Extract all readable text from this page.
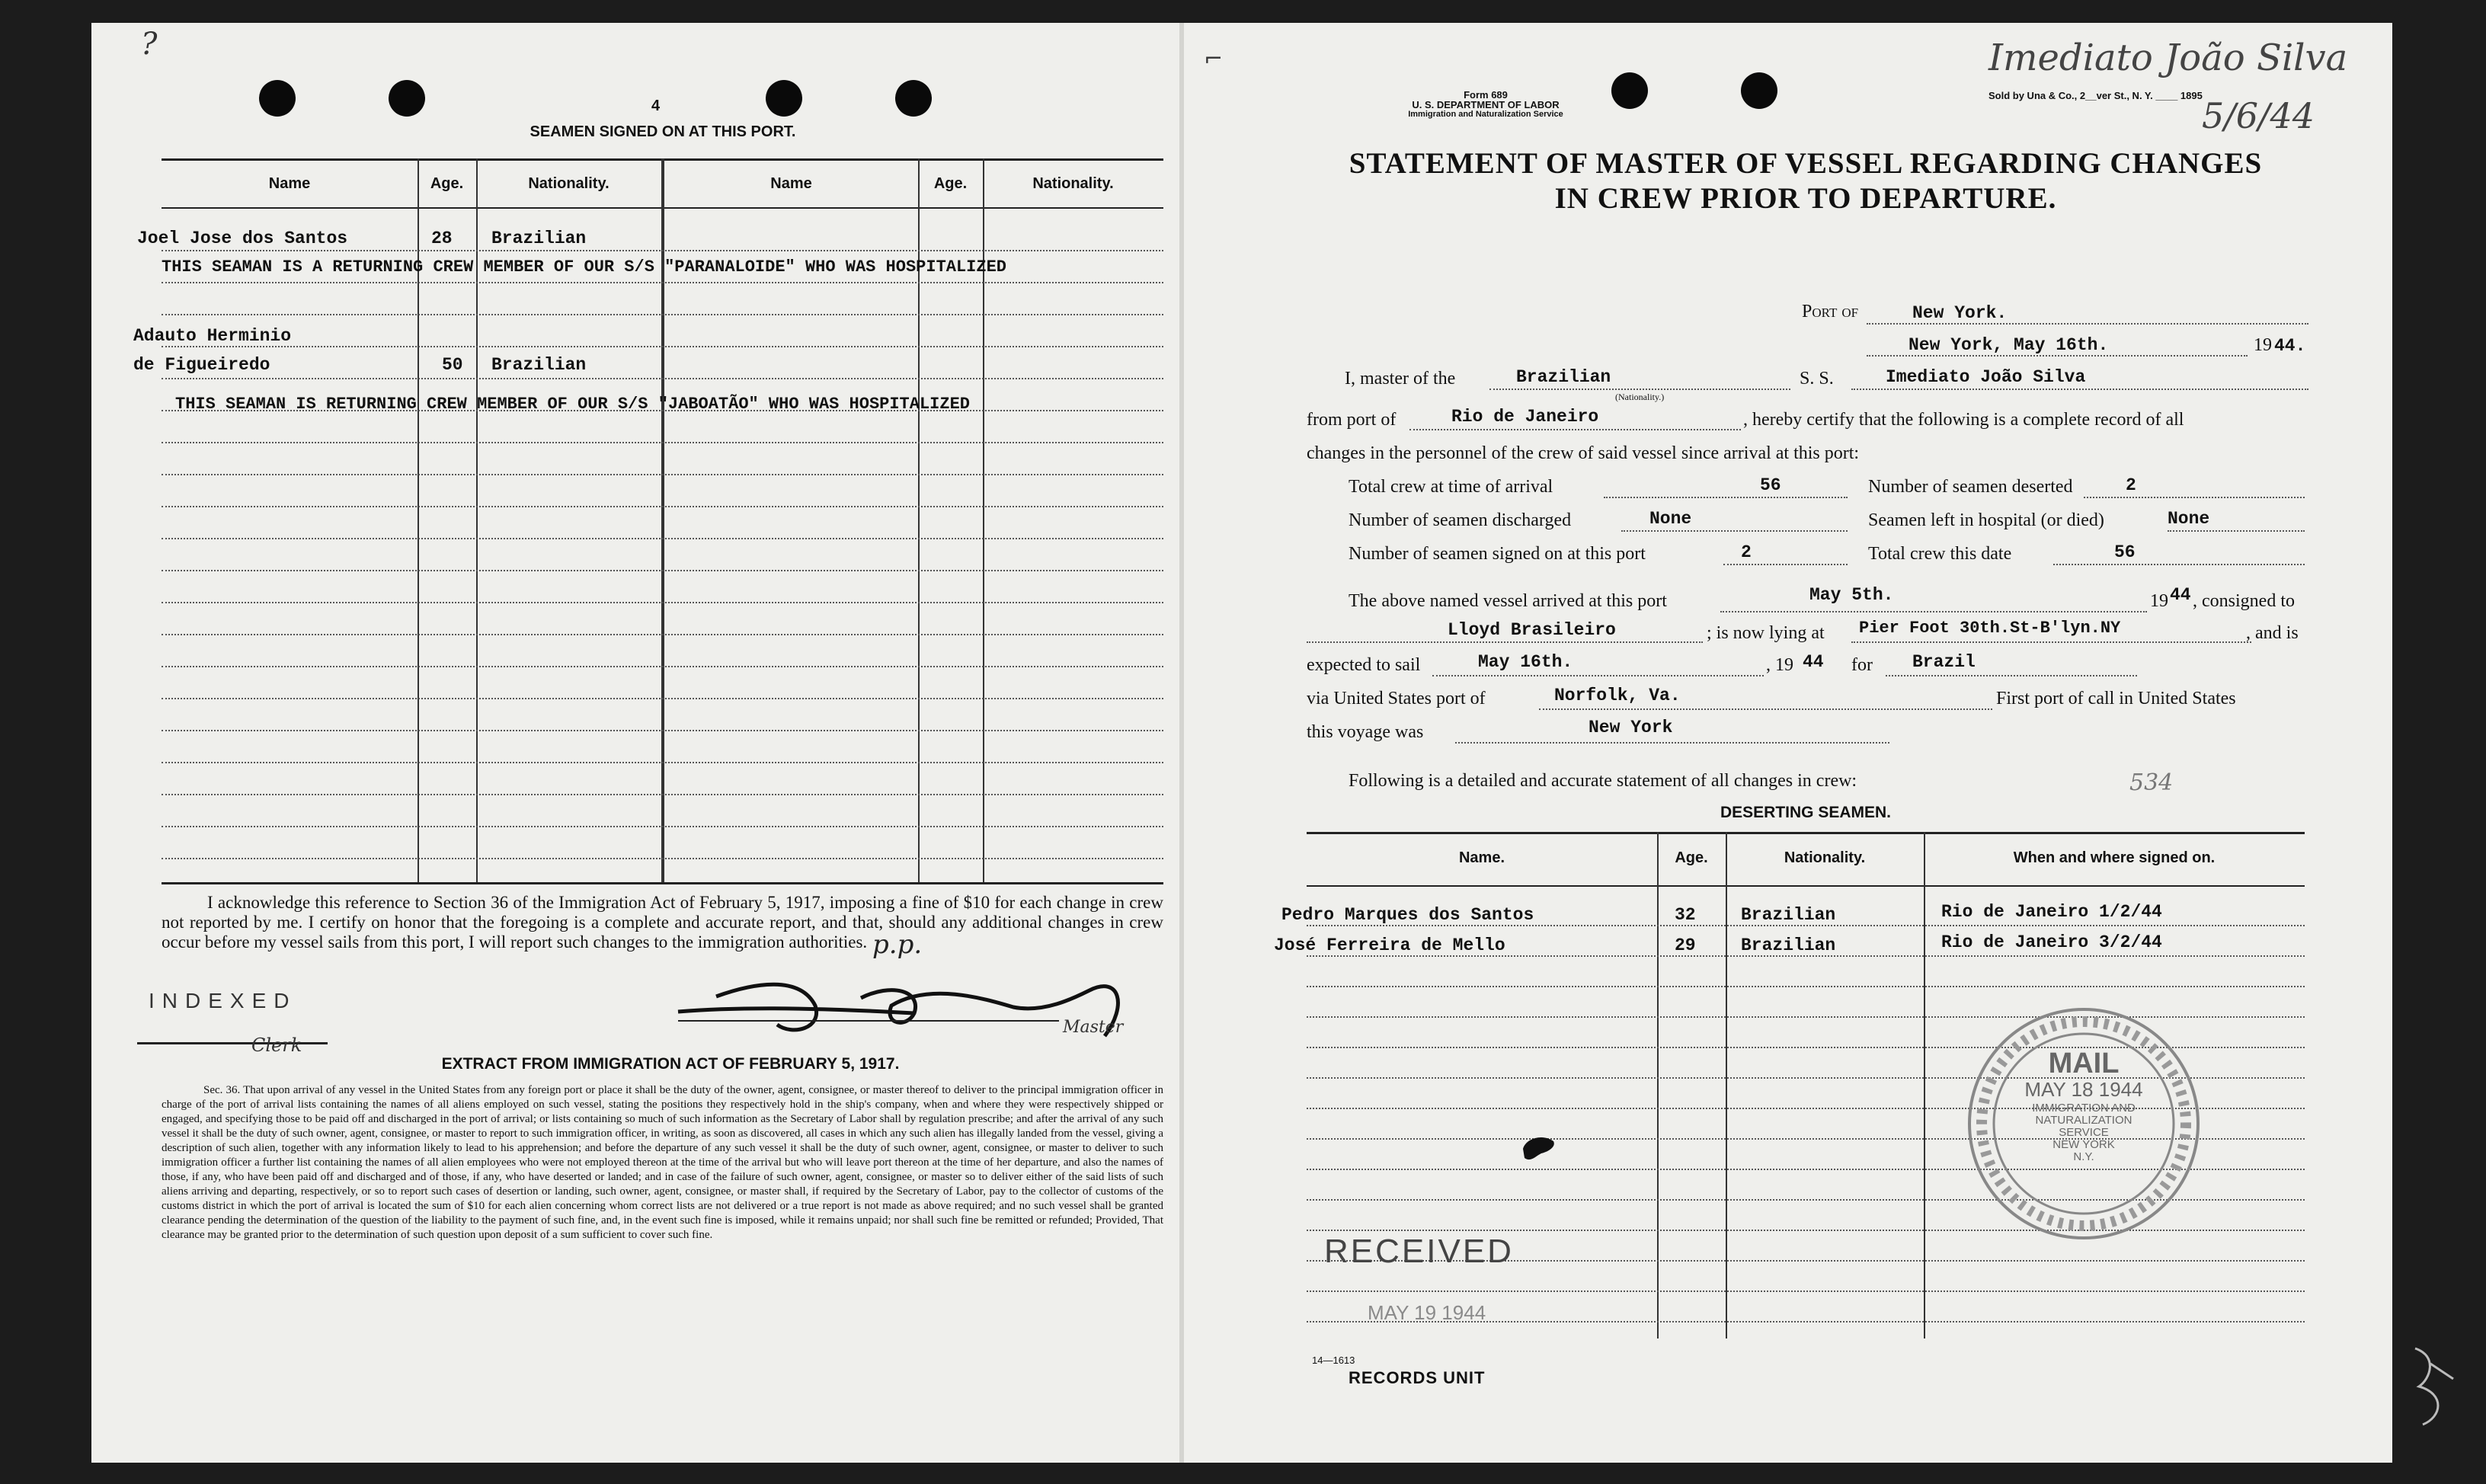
?
4
SEAMEN SIGNED ON AT THIS PORT.
Name	Age.	Nationality.	Name	Age.	Nationality.
Joel Jose dos Santos	28 Brazilian
THIS SEAMAN IS A RETURNING CREW MEMBER OF OUR S/S "PARANALOIDE" WHO WAS HOSPITALIZED
Adauto Herminio
de Figueiredo	50 Brazilian
THIS SEAMAN IS RETURNING CREW MEMBER OF OUR S/S "JABOATÃO" WHO WAS HOSPITALIZED
I acknowledge this reference to Section 36 of the Immigration Act of February 5, 1917, imposing a fine of $10 for each change in crew not reported by me. I certify on honor that the foregoing is a complete and accurate report, and that, should any additional changes in crew occur before my vessel sails from this port, I will report such changes to the immigration authorities.
INDEXED
Clerk
p.p.
Master
EXTRACT FROM IMMIGRATION ACT OF FEBRUARY 5, 1917.
Sec. 36. That upon arrival of any vessel in the United States from any foreign port or place it shall be the duty of the owner, agent, consignee, or master thereof to deliver to the principal immigration officer in charge of the port of arrival lists containing the names of all aliens employed on such vessel, stating the positions they respectively hold in the ship's company, when and where they were respectively shipped or engaged, and specifying those to be paid off and discharged in the port of arrival; or lists containing so much of such information as the Secretary of Labor shall by regulation prescribe; and after the arrival of any such vessel it shall be the duty of such owner, agent, consignee, or master to report to such immigration officer, in writing, as soon as discovered, all cases in which any such alien has illegally landed from the vessel, giving a description of such alien, together with any information likely to lead to his apprehension; and before the departure of any such vessel it shall be the duty of such owner, agent, consignee, or master to deliver to such immigration officer a further list containing the names of all alien employees who were not employed thereon at the time of the arrival but who will leave port thereon at the time of her departure, and also the names of those, if any, who have been paid off and discharged and of those, if any, who have deserted or landed; and in case of the failure of such owner, agent, consignee, or master so to deliver either of the said lists of such aliens arriving and departing, respectively, or so to report such cases of desertion or landing, such owner, agent, consignee, or master shall, if required by the Secretary of Labor, pay to the collector of customs of the customs district in which the port of arrival is located the sum of $10 for each alien concerning whom correct lists are not delivered or a true report is not made as above required; and no such vessel shall be granted clearance pending the determination of the question of the liability to the payment of such fine, and, in the event such fine is imposed, while it remains unpaid; nor shall such fine be remitted or refunded; Provided, That clearance may be granted prior to the determination of such question upon deposit of a sum sufficient to cover such fine.
⌐
Form 689
U. S. DEPARTMENT OF LABOR
Immigration and Naturalization Service
Sold by Una & Co., 2__ver St., N. Y. ____ 1895
Imediato João Silva
5/6/44
STATEMENT OF MASTER OF VESSEL REGARDING CHANGES
IN CREW PRIOR TO DEPARTURE.
Port of	New York.
New York, May 16th.	19 44.
I, master of the	Brazilian
(Nationality.)
S. S.	Imediato João Silva
from port of	Rio de Janeiro	, hereby certify that the following is a complete record of all
changes in the personnel of the crew of said vessel since arrival at this port:
Total crew at time of arrival	56	Number of seamen deserted	2
Number of seamen discharged	None	Seamen left in hospital (or died)	None
Number of seamen signed on at this port	2	Total crew this date	56
The above named vessel arrived at this port	May 5th.	19 44 , consigned to
Lloyd Brasileiro	; is now lying at Pier Foot 30th.St-B'lyn.NY	, and is
expected to sail	May 16th.	, 19 44 for Brazil
via United States port of	Norfolk, Va.	First port of call in United States
this voyage was	New York
Following is a detailed and accurate statement of all changes in crew:	534
DESERTING SEAMEN.
Name.	Age.	Nationality.	When and where signed on.
Pedro Marques dos Santos	32	Brazilian	Rio de Janeiro 1/2/44
José Ferreira de Mello	29	Brazilian	Rio de Janeiro 3/2/44
MAIL
MAY 18 1944
IMMIGRATION AND
NATURALIZATION
SERVICE
NEW YORK
N.Y.
RECEIVED
MAY 19 1944
14—1613
RECORDS UNIT
